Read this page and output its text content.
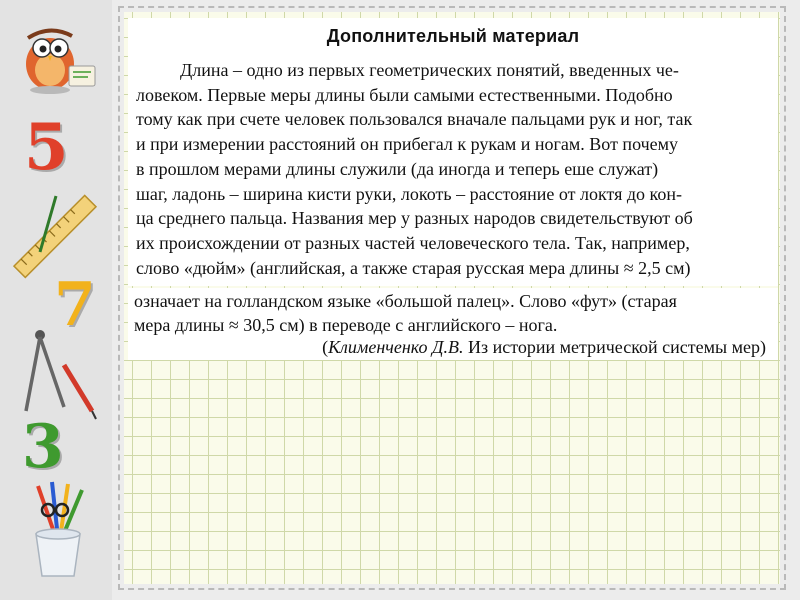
5
7
3
Дополнительный материал
Длина – одно из первых геометрических понятий, введенных че-
ловеком. Первые меры длины были самыми естественными. Подобно
тому как при счете человек пользовался вначале пальцами рук и ног, так
и при измерении расстояний он прибегал к рукам и ногам. Вот почему
в прошлом мерами длины служили (да иногда и теперь еше служат)
шаг, ладонь – ширина кисти руки, локоть – расстояние от локтя до кон-
ца среднего пальца. Названия мер у разных народов свидетельствуют об
их происхождении от разных частей человеческого тела. Так, например,
слово «дюйм» (английская, а также старая русская мера длины ≈ 2,5 см)
означает на голландском языке «большой палец». Слово «фут» (старая
мера длины ≈ 30,5 см) в переводе с английского – нога.
(Клименченко Д.В. Из истории метрической системы мер)
